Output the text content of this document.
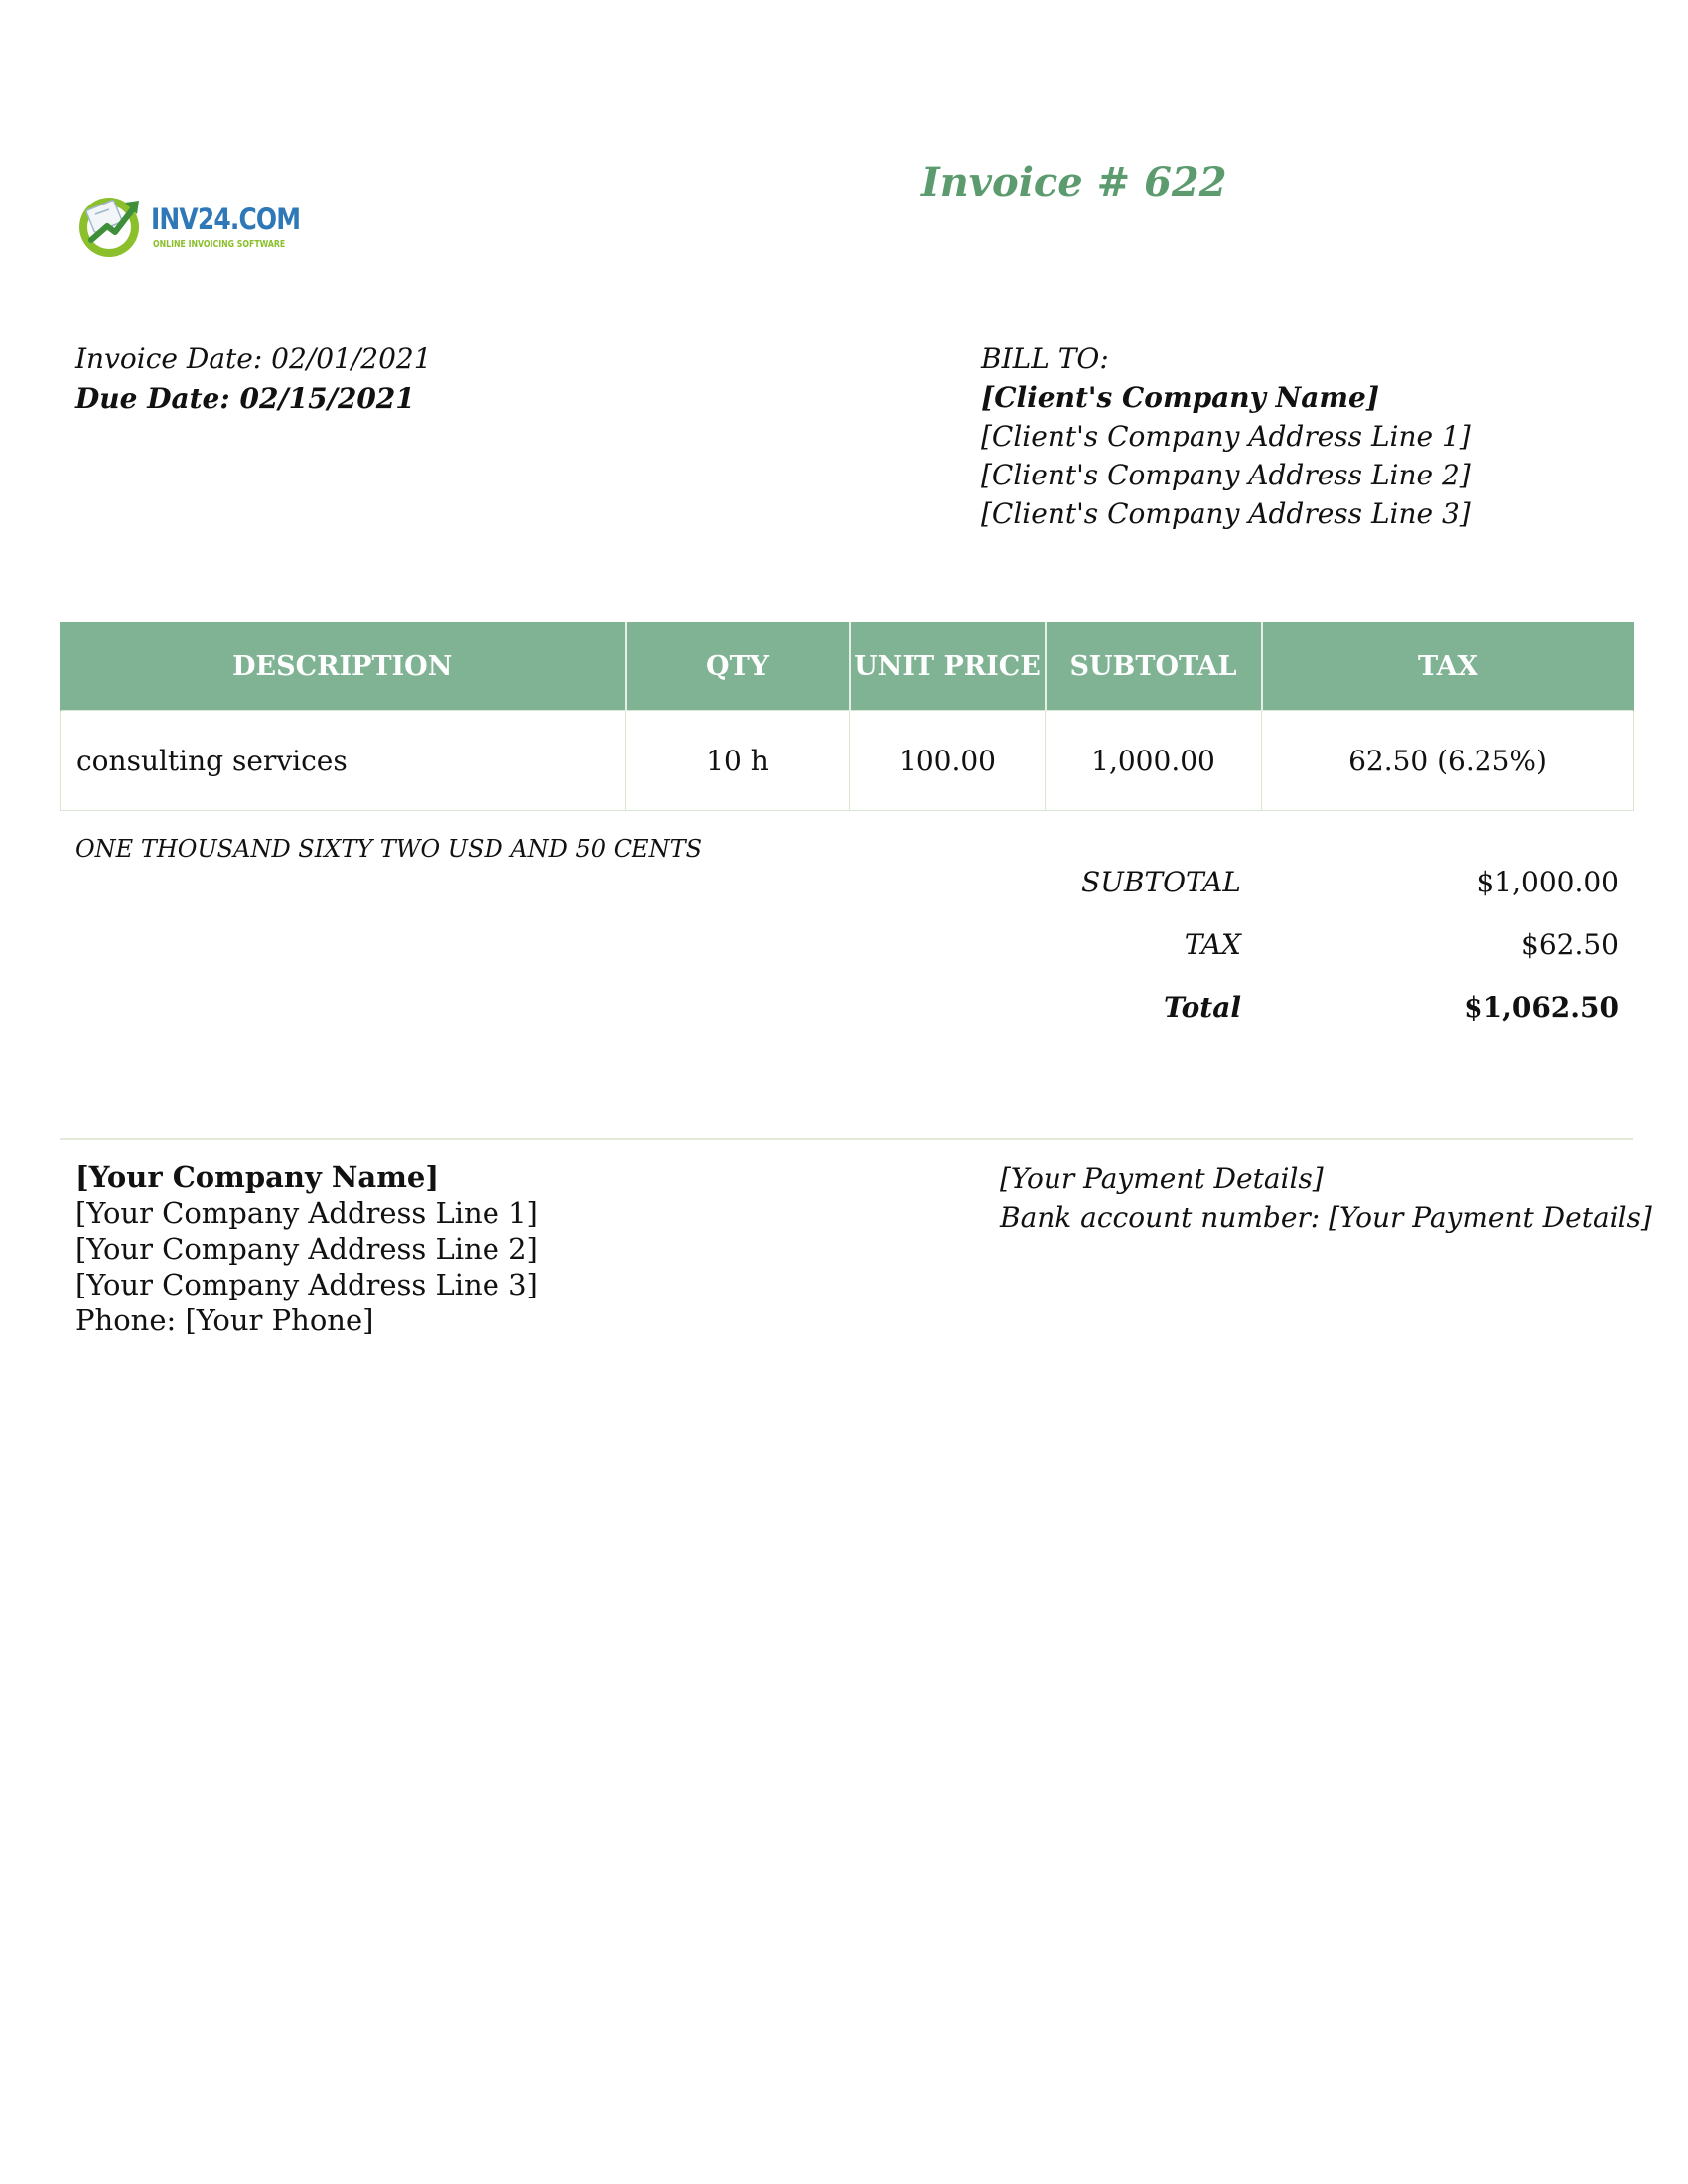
INV24.COM
ONLINE INVOICING SOFTWARE
Invoice # 622
Invoice Date: 02/01/2021
Due Date: 02/15/2021
BILL TO:
[Client's Company Name]
[Client's Company Address Line 1]
[Client's Company Address Line 2]
[Client's Company Address Line 3]
DESCRIPTION	QTY	UNIT PRICE	SUBTOTAL	TAX
consulting services	10 h	100.00	1,000.00	62.50 (6.25%)
ONE THOUSAND SIXTY TWO USD AND 50 CENTS
SUBTOTAL	$1,000.00
TAX	$62.50
Total	$1,062.50
[Your Company Name]
[Your Company Address Line 1]
[Your Company Address Line 2]
[Your Company Address Line 3]
Phone: [Your Phone]
[Your Payment Details]
Bank account number: [Your Payment Details]
